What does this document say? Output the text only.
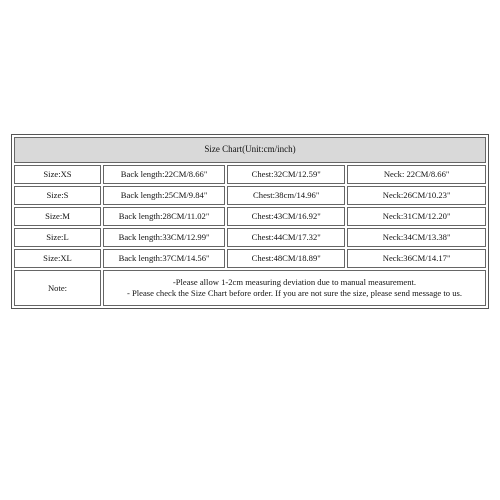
Size Chart(Unit:cm/inch)			
Size:XS	Back length:22CM/8.66"	Chest:32CM/12.59"	Neck: 22CM/8.66"
Size:S	Back length:25CM/9.84"	Chest:38cm/14.96"	Neck:26CM/10.23"
Size:M	Back length:28CM/11.02"	Chest:43CM/16.92"	Neck:31CM/12.20"
Size:L	Back length:33CM/12.99"	Chest:44CM/17.32"	Neck:34CM/13.38"
Size:XL	Back length:37CM/14.56"	Chest:48CM/18.89"	Neck:36CM/14.17"
Note:	-Please allow 1-2cm measuring deviation due to manual measurement.
- Please check the Size Chart before order. If you are not sure the size, please send message to us.		
